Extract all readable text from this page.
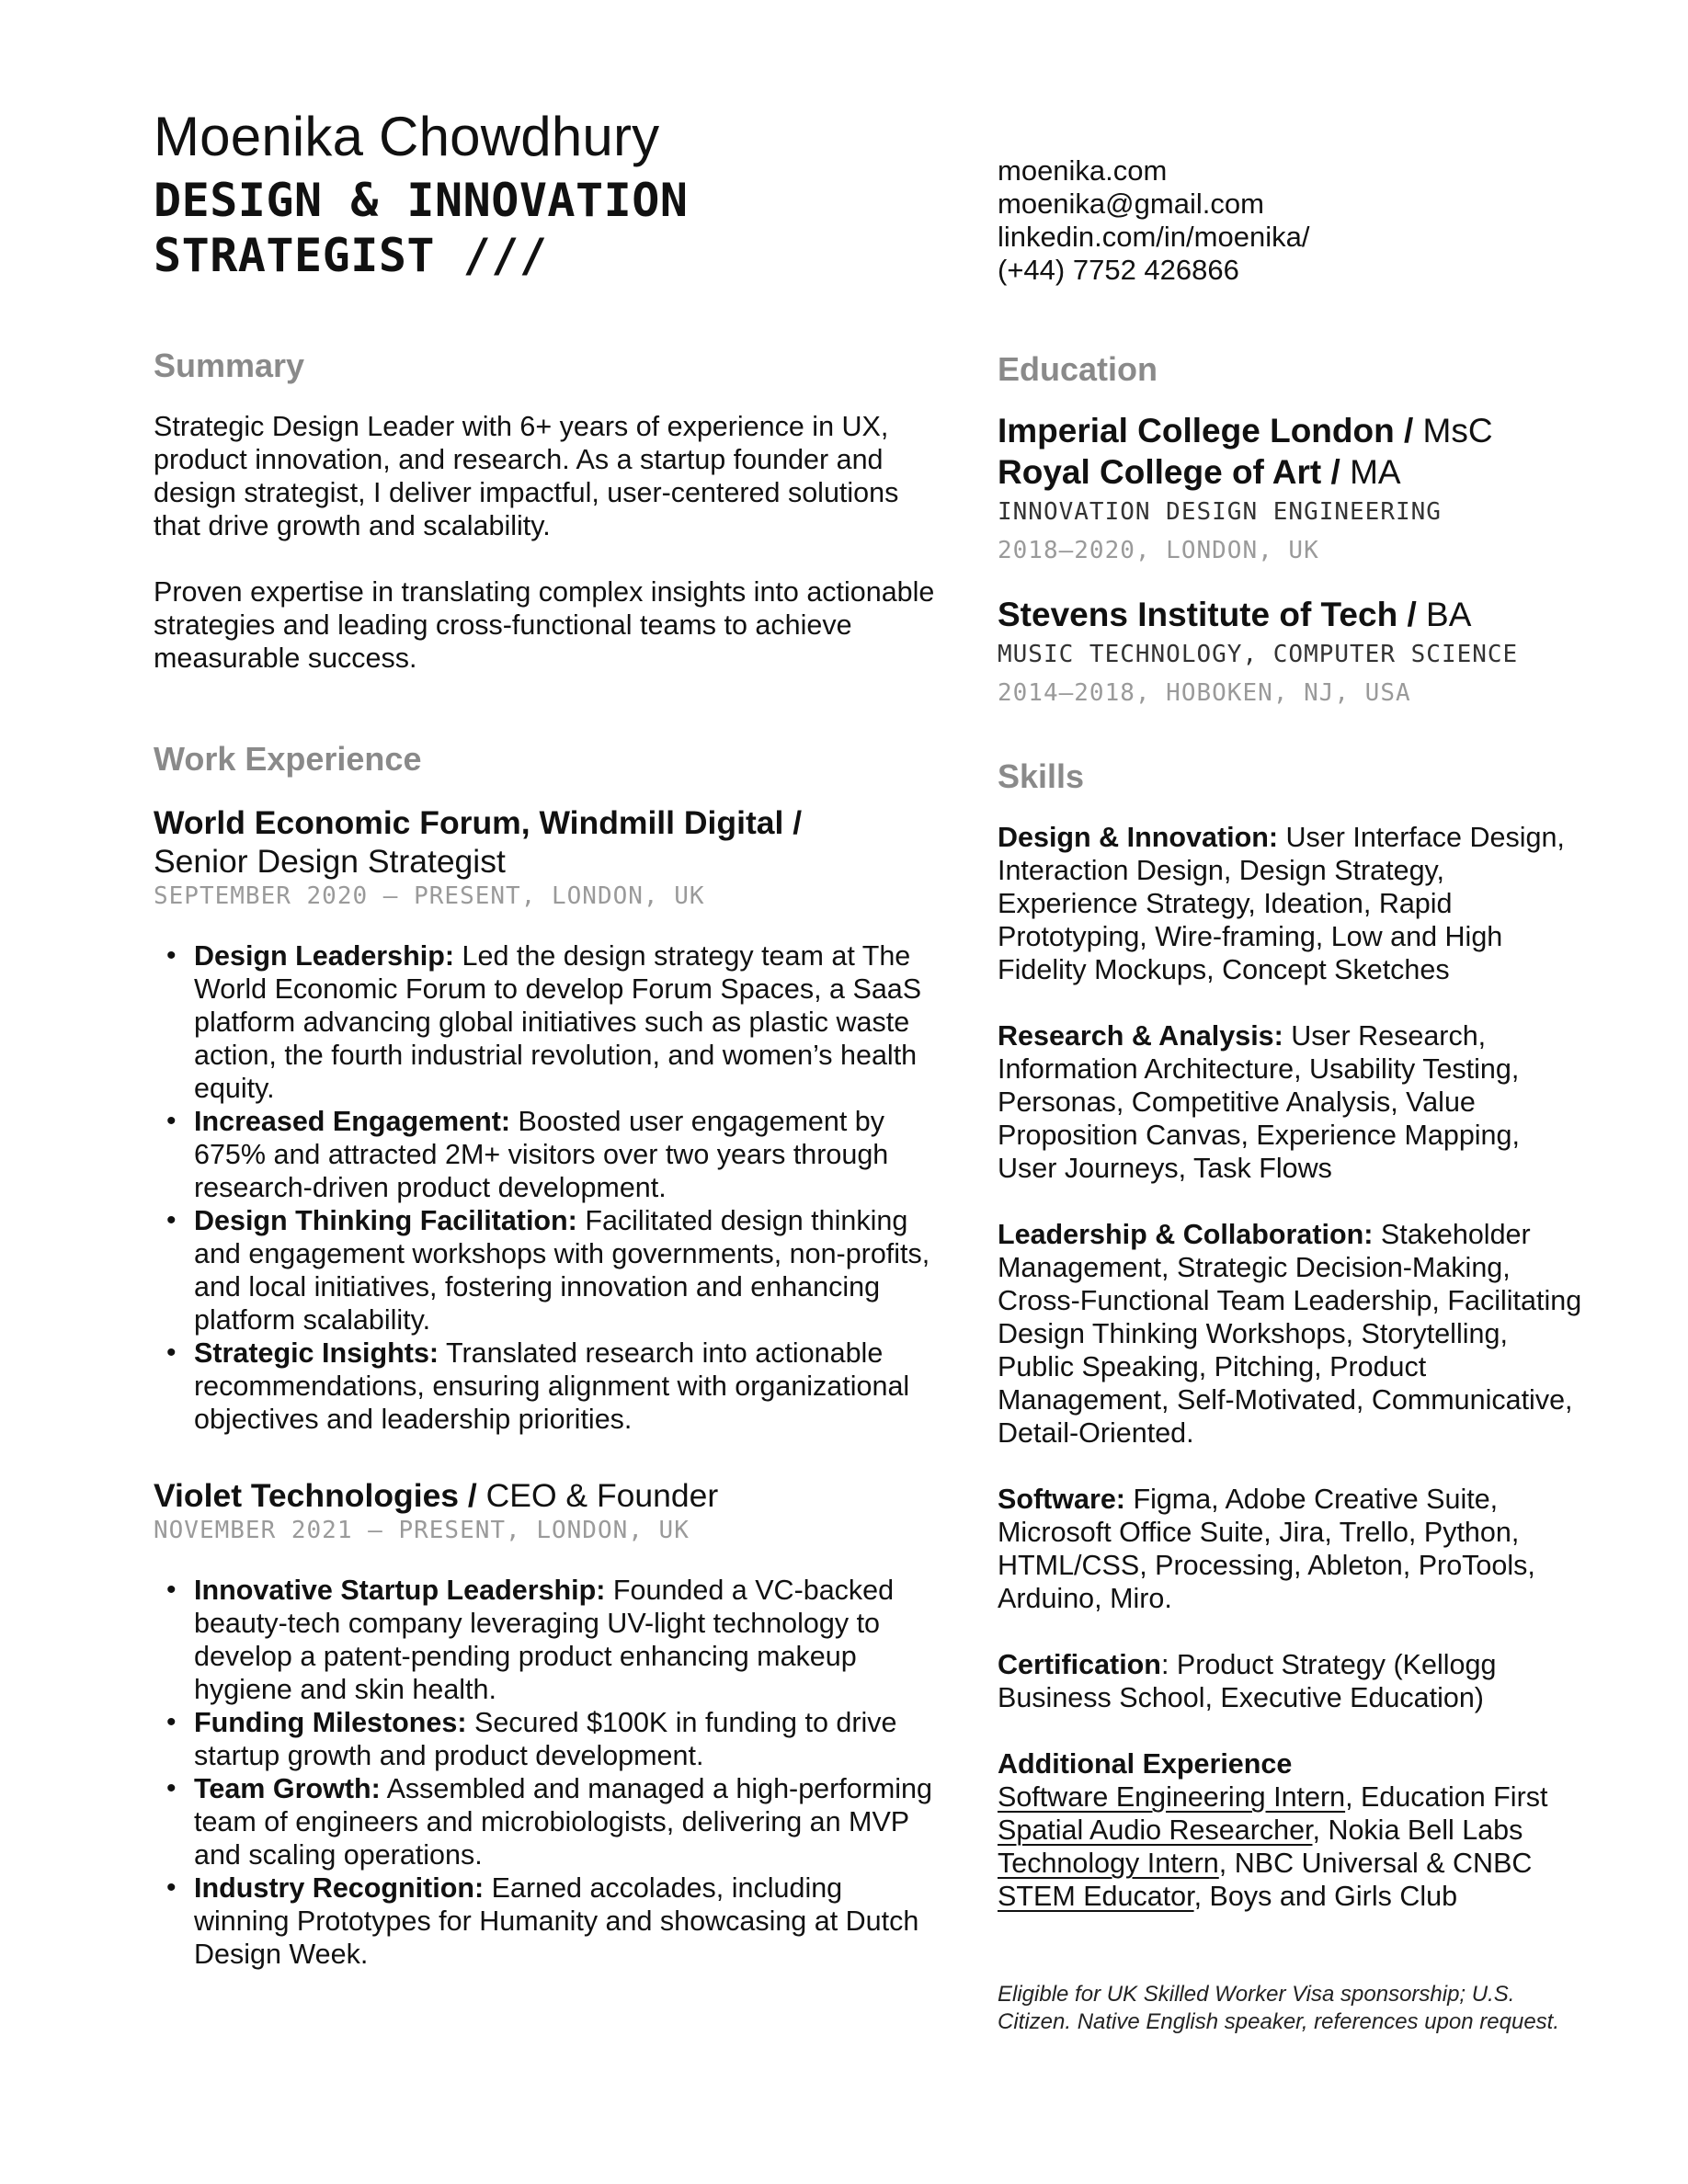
Moenika Chowdhury
DESIGN & INNOVATION
STRATEGIST ///
Summary

Strategic Design Leader with 6+ years of experience in UX, product innovation, and research. As a startup founder and design strategist, I deliver impactful, user-centered solutions that drive growth and scalability.

Proven expertise in translating complex insights into actionable strategies and leading cross-functional teams to achieve measurable success.

Work Experience
World Economic Forum, Windmill Digital /
Senior Design Strategist
SEPTEMBER 2020 – PRESENT, LONDON, UK
• Design Leadership: Led the design strategy team at The World Economic Forum to develop Forum Spaces, a SaaS platform advancing global initiatives such as plastic waste action, the fourth industrial revolution, and women’s health equity.
• Increased Engagement: Boosted user engagement by 675% and attracted 2M+ visitors over two years through research-driven product development.
• Design Thinking Facilitation: Facilitated design thinking and engagement workshops with governments, non-profits, and local initiatives, fostering innovation and enhancing platform scalability.
• Strategic Insights: Translated research into actionable recommendations, ensuring alignment with organizational objectives and leadership priorities.
Violet Technologies / CEO & Founder
NOVEMBER 2021 – PRESENT, LONDON, UK
• Innovative Startup Leadership: Founded a VC-backed beauty-tech company leveraging UV-light technology to develop a patent-pending product enhancing makeup hygiene and skin health.
• Funding Milestones: Secured $100K in funding to drive startup growth and product development.
• Team Growth: Assembled and managed a high-performing team of engineers and microbiologists, delivering an MVP and scaling operations.
• Industry Recognition: Earned accolades, including winning Prototypes for Humanity and showcasing at Dutch Design Week.
moenika.com
moenika@gmail.com
linkedin.com/in/moenika/
(+44) 7752 426866
Education
Imperial College London / MsC
Royal College of Art / MA
INNOVATION DESIGN ENGINEERING
2018–2020, LONDON, UK
Stevens Institute of Tech / BA
MUSIC TECHNOLOGY, COMPUTER SCIENCE
2014–2018, HOBOKEN, NJ, USA
Skills
Design & Innovation: User Interface Design, Interaction Design, Design Strategy, Experience Strategy, Ideation, Rapid Prototyping, Wire-framing, Low and High Fidelity Mockups, Concept Sketches
Research & Analysis: User Research, Information Architecture, Usability Testing, Personas, Competitive Analysis, Value Proposition Canvas, Experience Mapping, User Journeys, Task Flows
Leadership & Collaboration: Stakeholder Management, Strategic Decision-Making, Cross-Functional Team Leadership, Facilitating Design Thinking Workshops, Storytelling, Public Speaking, Pitching, Product Management, Self-Motivated, Communicative, Detail-Oriented.
Software: Figma, Adobe Creative Suite, Microsoft Office Suite, Jira, Trello, Python, HTML/CSS, Processing, Ableton, ProTools, Arduino, Miro.
Certification: Product Strategy (Kellogg Business School, Executive Education)
Additional Experience
Software Engineering Intern, Education First
Spatial Audio Researcher, Nokia Bell Labs
Technology Intern, NBC Universal & CNBC
STEM Educator, Boys and Girls Club
Eligible for UK Skilled Worker Visa sponsorship; U.S. Citizen. Native English speaker, references upon request.
